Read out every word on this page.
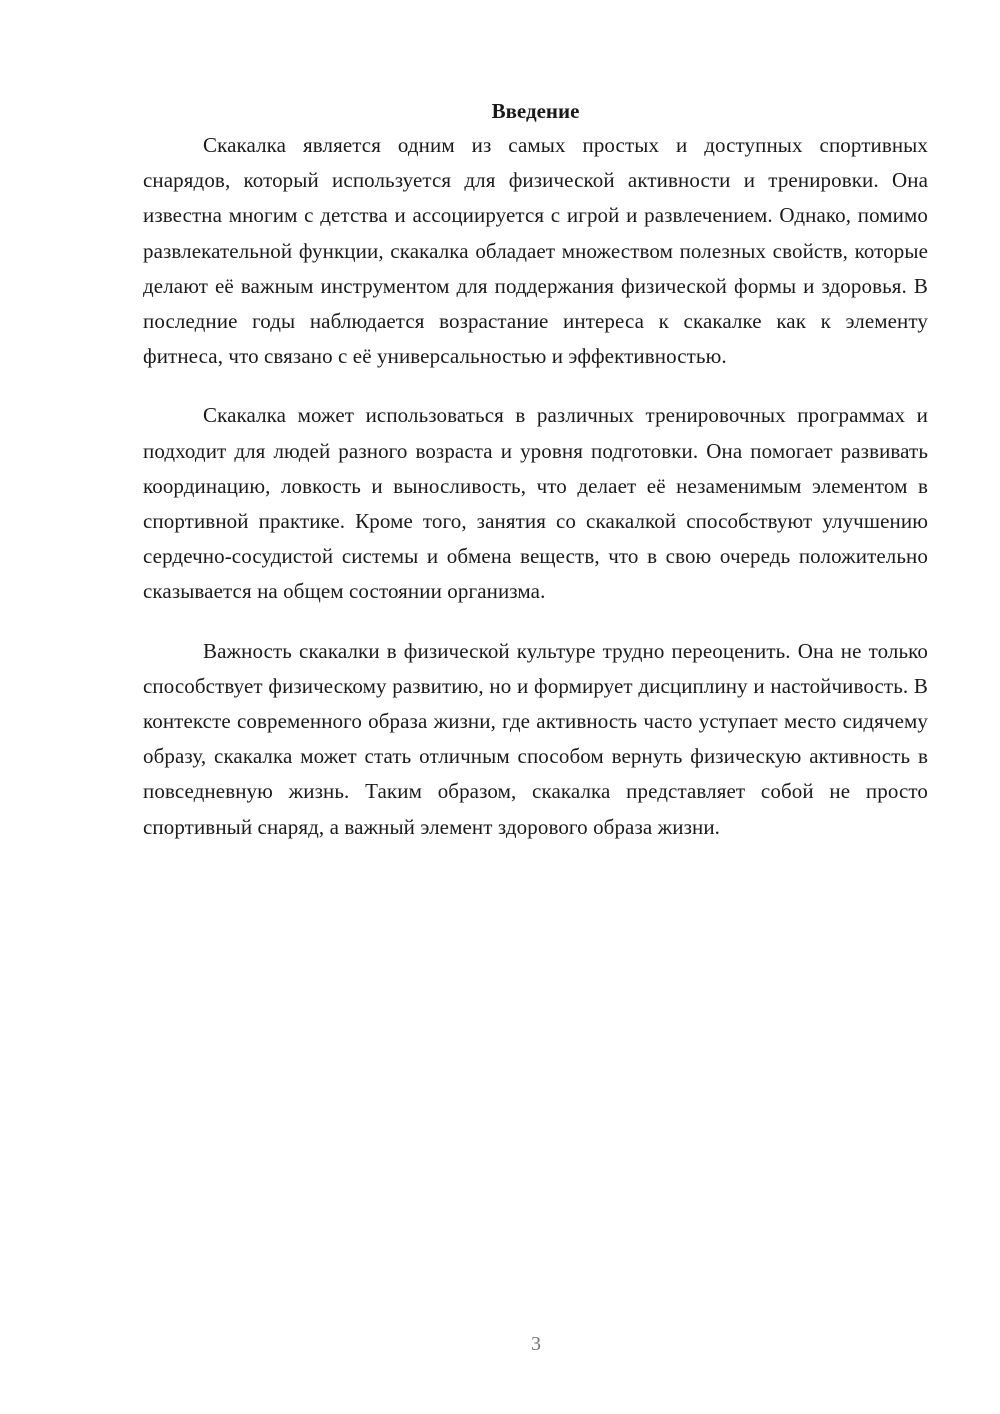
Введение

Скакалка является одним из самых простых и доступных спортивных снарядов, который используется для физической активности и тренировки. Она известна многим с детства и ассоциируется с игрой и развлечением. Однако, помимо развлекательной функции, скакалка обладает множеством полезных свойств, которые делают её важным инструментом для поддержания физической формы и здоровья. В последние годы наблюдается возрастание интереса к скакалке как к элементу фитнеса, что связано с её универсальностью и эффективностью.

Скакалка может использоваться в различных тренировочных программах и подходит для людей разного возраста и уровня подготовки. Она помогает развивать координацию, ловкость и выносливость, что делает её незаменимым элементом в спортивной практике. Кроме того, занятия со скакалкой способствуют улучшению сердечно-сосудистой системы и обмена веществ, что в свою очередь положительно сказывается на общем состоянии организма.

Важность скакалки в физической культуре трудно переоценить. Она не только способствует физическому развитию, но и формирует дисциплину и настойчивость. В контексте современного образа жизни, где активность часто уступает место сидячему образу, скакалка может стать отличным способом вернуть физическую активность в повседневную жизнь. Таким образом, скакалка представляет собой не просто спортивный снаряд, а важный элемент здорового образа жизни.

3
